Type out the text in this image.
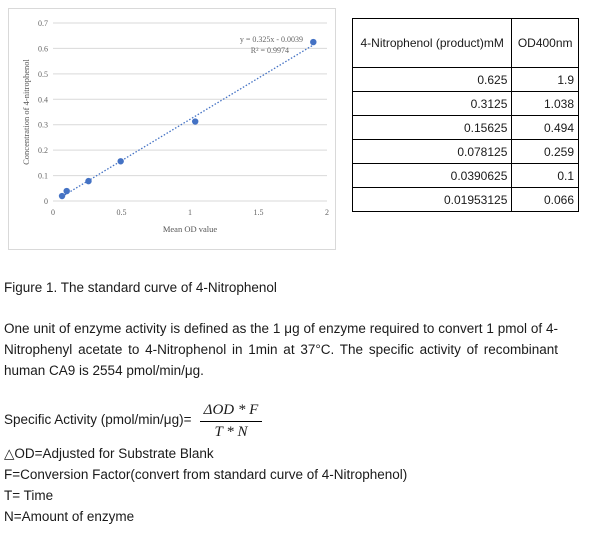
0
0.1
0.2
0.3
0.4
0.5
0.6
0.7
0	0.5	1	1.5	2
Mean OD value
Concentration of 4-nitrophenol
y = 0.325x - 0.0039
R² = 0.9974
4-Nitrophenol (product)mM	OD400nm
0.625	1.9
0.3125	1.038
0.15625	0.494
0.078125	0.259
0.0390625	0.1
0.01953125	0.066
Figure 1. The standard curve of 4-Nitrophenol
One unit of enzyme activity is defined as the 1 μg of enzyme required to convert 1 pmol of 4-Nitrophenyl acetate to 4-Nitrophenol in 1min at 37°C. The specific activity of recombinant human CA9 is 2554 pmol/min/μg.
Specific Activity (pmol/min/μg)=
ΔOD * F
T * N
△OD=Adjusted for Substrate Blank
F=Conversion Factor(convert from standard curve of 4-Nitrophenol)
T= Time
N=Amount of enzyme
